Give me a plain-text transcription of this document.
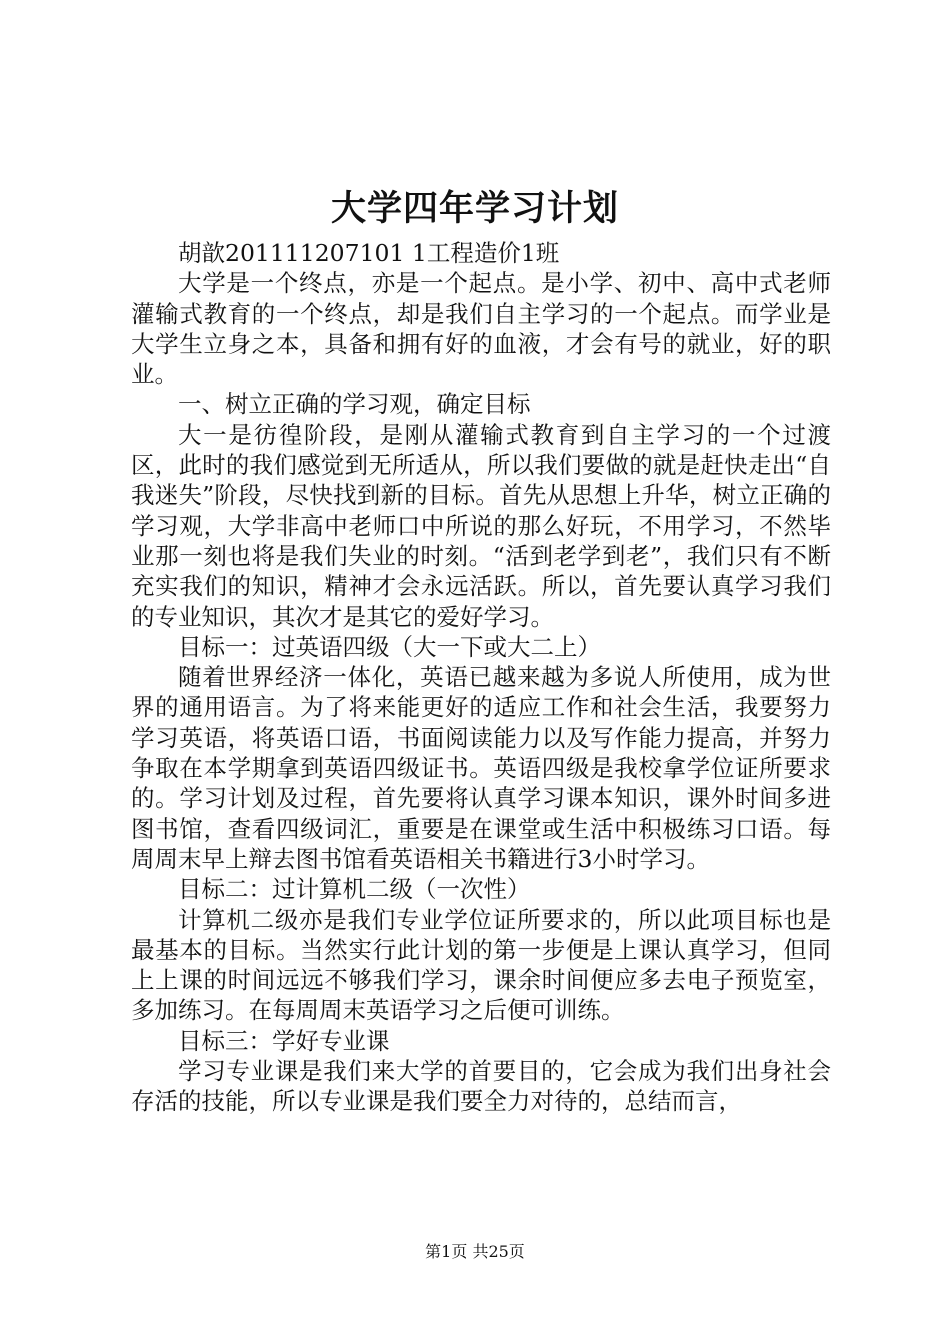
大学四年学习计划

胡歆201111207101 1工程造价1班

大学是一个终点，亦是一个起点。是小学、初中、高中式老师灌输式教育的一个终点，却是我们自主学习的一个起点。而学业是大学生立身之本，具备和拥有好的血液，才会有号的就业，好的职业。

一、树立正确的学习观，确定目标

大一是彷徨阶段，是刚从灌输式教育到自主学习的一个过渡区，此时的我们感觉到无所适从，所以我们要做的就是赶快走出“自我迷失”阶段，尽快找到新的目标。首先从思想上升华，树立正确的学习观，大学非高中老师口中所说的那么好玩，不用学习，不然毕业那一刻也将是我们失业的时刻。“活到老学到老”，我们只有不断充实我们的知识，精神才会永远活跃。所以，首先要认真学习我们的专业知识，其次才是其它的爱好学习。

目标一：过英语四级（大一下或大二上）

随着世界经济一体化，英语已越来越为多说人所使用，成为世界的通用语言。为了将来能更好的适应工作和社会生活，我要努力学习英语，将英语口语，书面阅读能力以及写作能力提高，并努力争取在本学期拿到英语四级证书。英语四级是我校拿学位证所要求的。学习计划及过程，首先要将认真学习课本知识，课外时间多进图书馆，查看四级词汇，重要是在课堂或生活中积极练习口语。每周周末早上辩去图书馆看英语相关书籍进行3小时学习。

目标二：过计算机二级（一次性）

计算机二级亦是我们专业学位证所要求的，所以此项目标也是最基本的目标。当然实行此计划的第一步便是上课认真学习，但同上上课的时间远远不够我们学习，课余时间便应多去电子预览室，多加练习。在每周周末英语学习之后便可训练。

目标三：学好专业课

学习专业课是我们来大学的首要目的，它会成为我们出身社会存活的技能，所以专业课是我们要全力对待的，总结而言，

第1页 共25页
